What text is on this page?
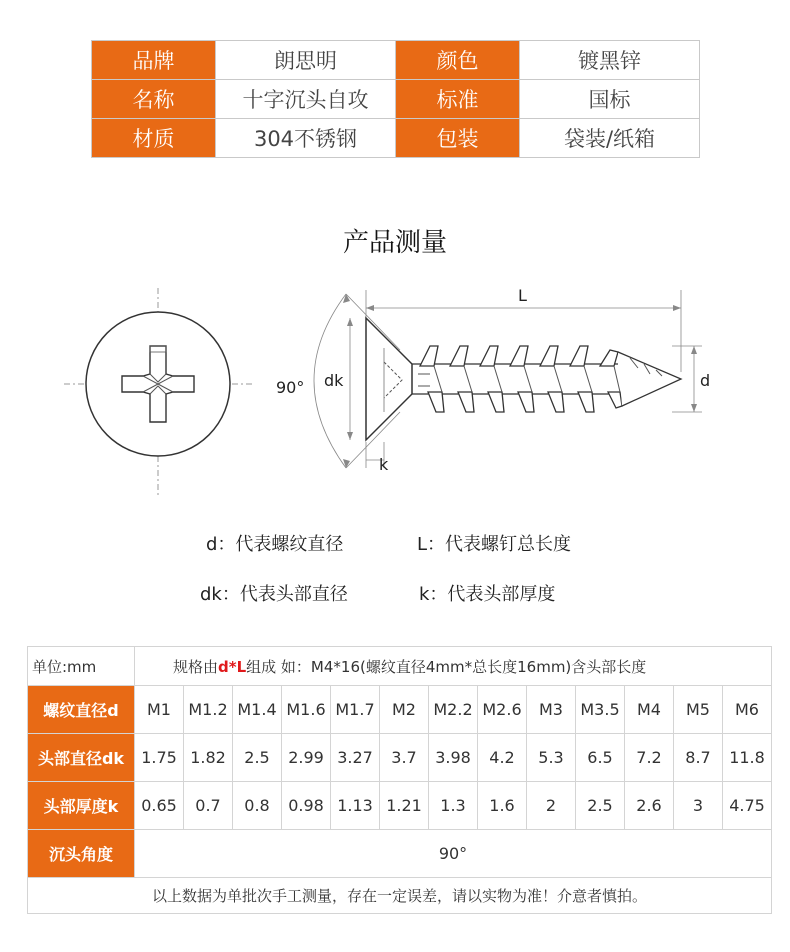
品牌	朗思明	颜色	镀黑锌
名称	十字沉头自攻	标准	国标
材质	304不锈钢	包装	袋装/纸箱
产品测量
L
90° dk	d
k
d：代表螺纹直径	L：代表螺钉总长度
dk：代表头部直径	k：代表头部厚度
单位:mm	规格由d*L组成 如：M4*16(螺纹直径4mm*总长度16mm)含头部长度												
螺纹直径d	M1	M1.2	M1.4	M1.6	M1.7	M2	M2.2	M2.6	M3	M3.5	M4	M5	M6
头部直径dk	1.75	1.82	2.5	2.99	3.27	3.7	3.98	4.2	5.3	6.5	7.2	8.7	11.8
头部厚度k	0.65	0.7	0.8	0.98	1.13	1.21	1.3	1.6	2	2.5	2.6	3	4.75
沉头角度	90°												
以上数据为单批次手工测量，存在一定误差，请以实物为准！介意者慎拍。													
